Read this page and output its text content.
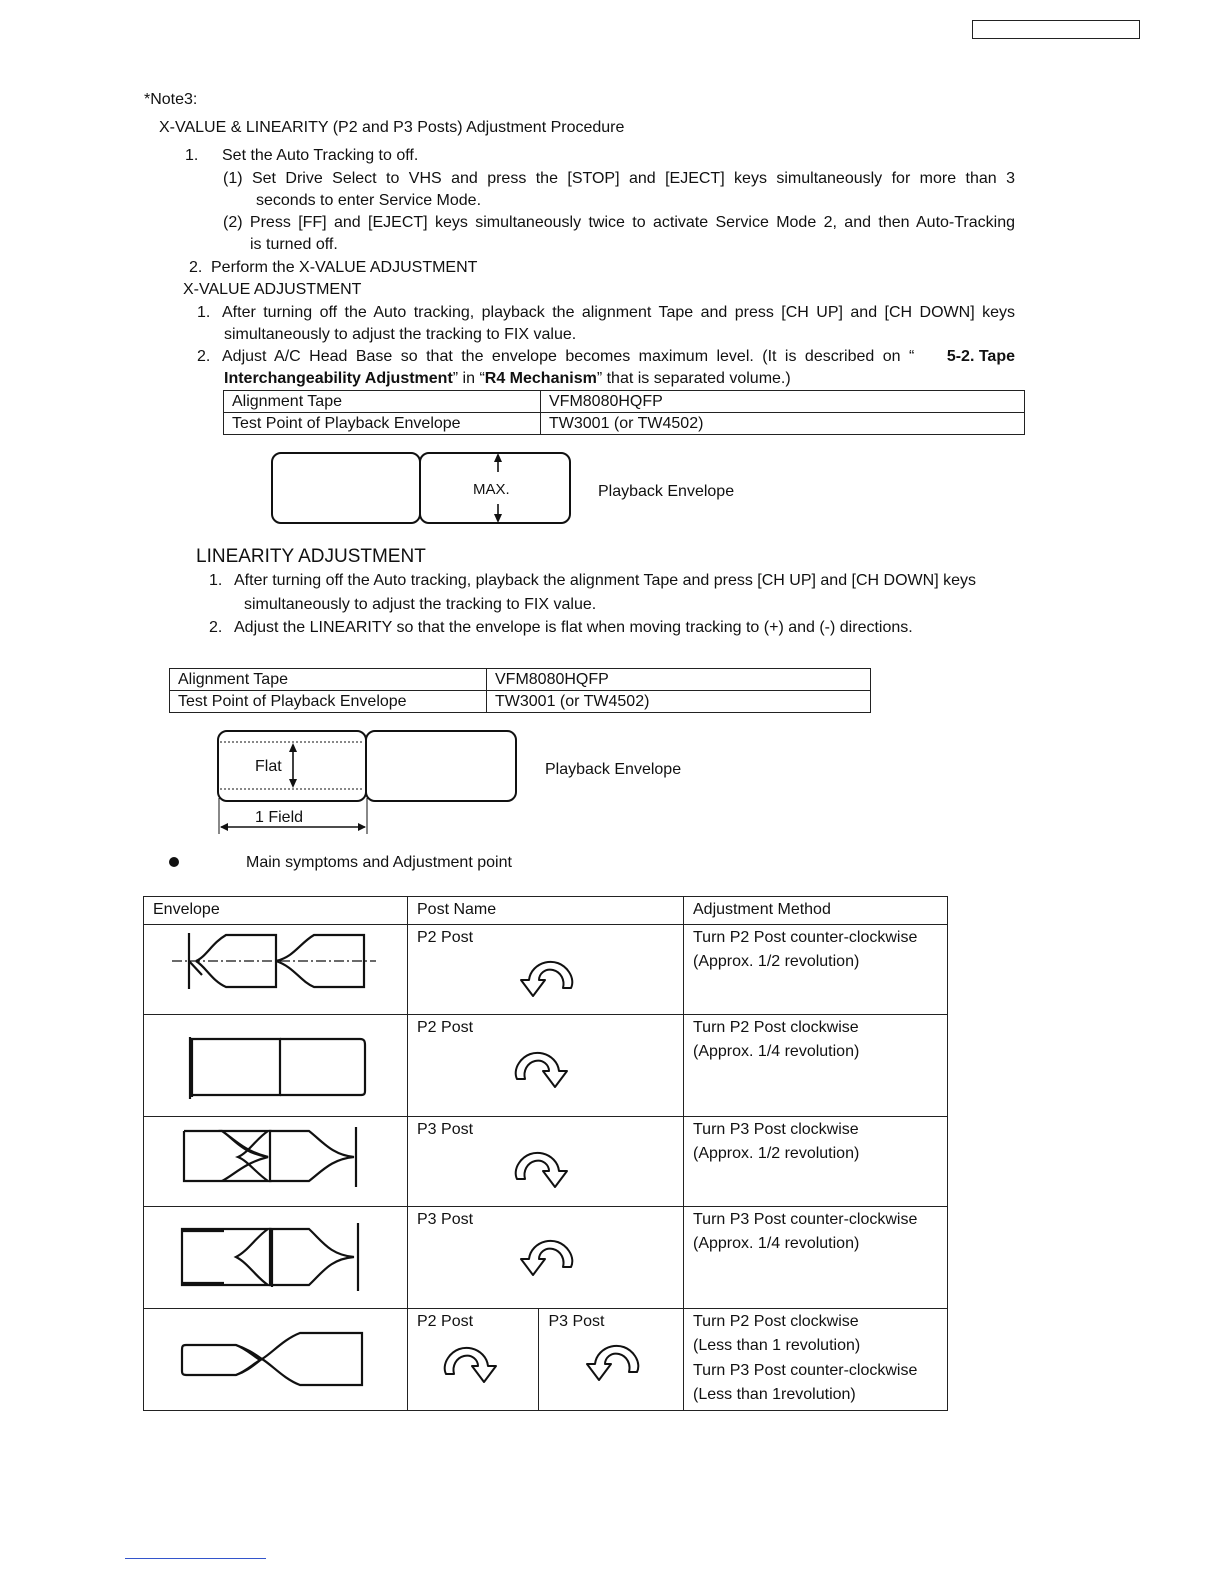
*Note3:
X-VALUE & LINEARITY (P2 and P3 Posts) Adjustment Procedure
1. Set the Auto Tracking to off.
(1) Set Drive Select to VHS and press the [STOP] and [EJECT] keys simultaneously for more than 3
seconds to enter Service Mode.
(2) Press [FF] and [EJECT] keys simultaneously twice to activate Service Mode 2, and then Auto-Tracking
is turned off.
2. Perform the X-VALUE ADJUSTMENT
X-VALUE ADJUSTMENT
1. After turning off the Auto tracking, playback the alignment Tape and press [CH UP] and [CH DOWN] keys
simultaneously to adjust the tracking to FIX value.
2. Adjust A/C Head Base so that the envelope becomes maximum level. (It is described on “ 5-2. Tape
Interchangeability Adjustment” in “R4 Mechanism” that is separated volume.)
Alignment Tape	VFM8080HQFP
Test Point of Playback Envelope	TW3001 (or TW4502)
MAX.	Playback Envelope
LINEARITY ADJUSTMENT
1. After turning off the Auto tracking, playback the alignment Tape and press [CH UP] and [CH DOWN] keys
simultaneously to adjust the tracking to FIX value.
2. Adjust the LINEARITY so that the envelope is flat when moving tracking to (+) and (-) directions.
Alignment Tape	VFM8080HQFP
Test Point of Playback Envelope	TW3001 (or TW4502)
Flat
1 Field
Playback Envelope
Main symptoms and Adjustment point
Envelope	Post Name		Adjustment Method

P2 Post		Turn P2 Post counter-clockwise
(Approx. 1/2 revolution)

P2 Post		Turn P2 Post clockwise
(Approx. 1/4 revolution)

P3 Post		Turn P3 Post clockwise
(Approx. 1/2 revolution)

P3 Post		Turn P3 Post counter-clockwise
(Approx. 1/4 revolution)

P2 Post	P3 Post	Turn P2 Post clockwise
(Less than 1 revolution)
Turn P3 Post counter-clockwise
(Less than 1revolution)
